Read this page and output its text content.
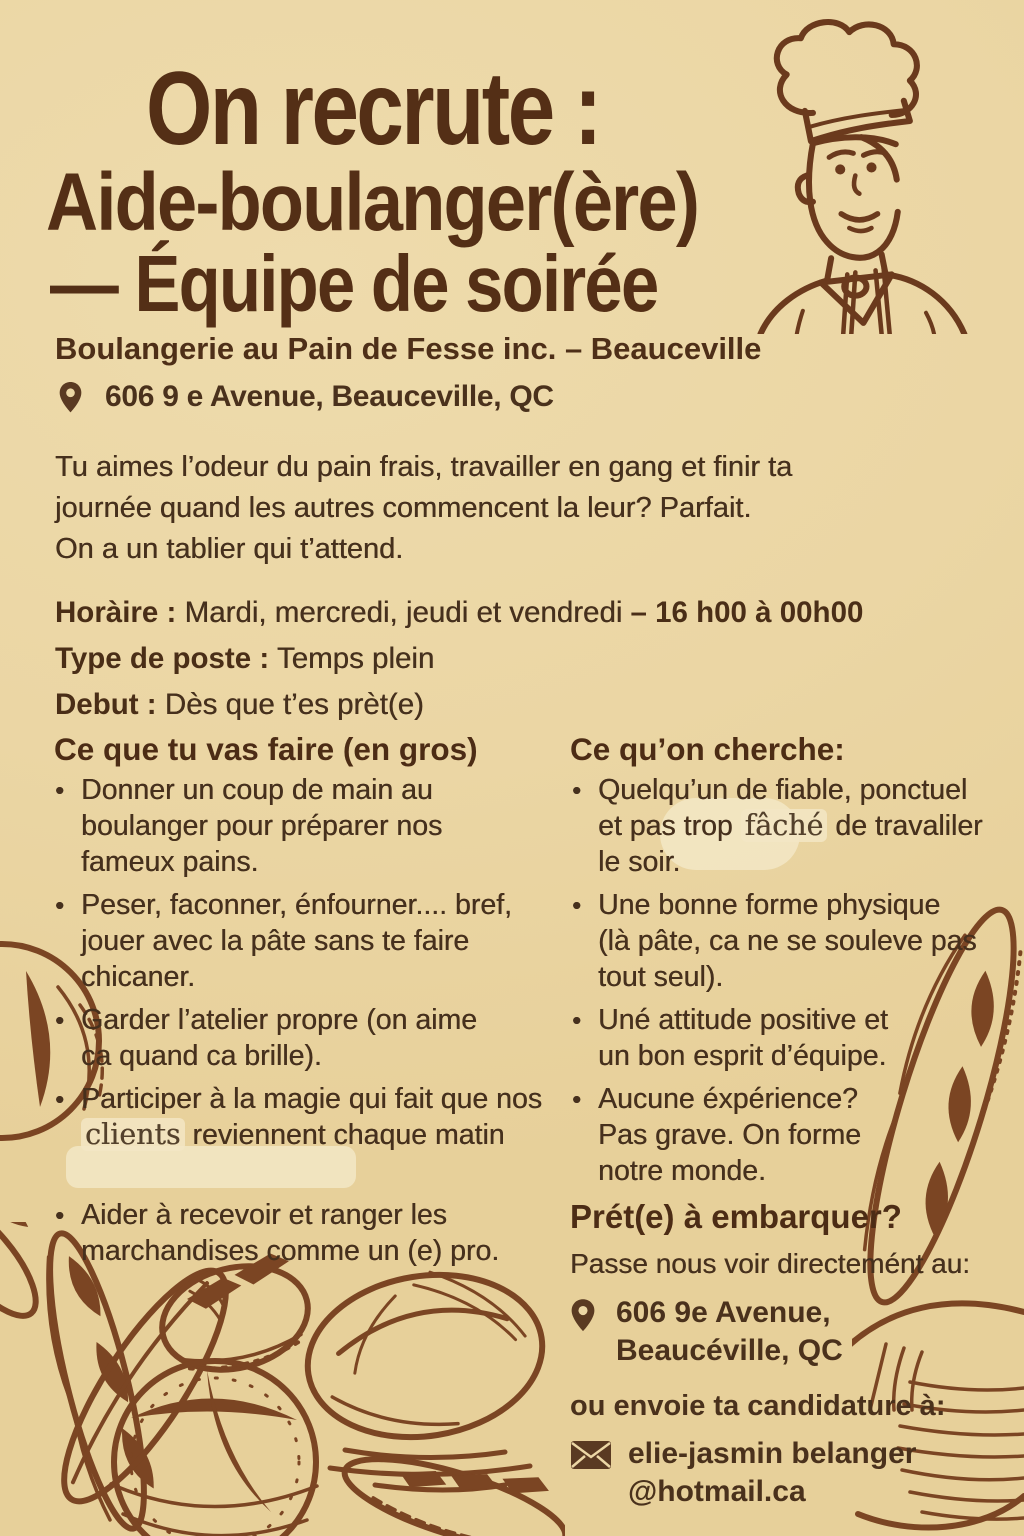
On recrute :
Aide-boulanger(ère)
— Équipe de soirée
Boulangerie au Pain de Fesse inc. – Beauceville
606 9 e Avenue, Beauceville, QC
Tu aimes l’odeur du pain frais, travailler en gang et finir ta
journée quand les autres commencent la leur? Parfait.
On a un tablier qui t’attend.
Horàire : Mardi, mercredi, jeudi et vendredi – 16 h00 à 00h00
Type de poste : Temps plein
Debut : Dès que t’es prèt(e)
Ce que tu vas faire (en gros)	Ce qu’on cherche:
•
Donner un coup de main au
boulanger pour préparer nos
fameux pains.
•
Peser, faconner, énfourner.... bref,
jouer avec la pâte sans te faire
chicaner.
•
Garder l’atelier propre (on aime
ca quand ca brille).
•
Participer à la magie qui fait que nos
clients reviennent chaque matin
•
Aider à recevoir et ranger les
marchandises comme un (e) pro.
•
Quelqu’un de fiable, ponctuel
et pas trop fâché de travaliler
le soir.
•
Une bonne forme physique
(là pâte, ca ne se souleve pas
tout seul).
•
Uné attitude positive et
un bon esprit d’équipe.
•
Aucune éxpérience?
Pas grave. On forme
notre monde.
Prét(e) à embarquer?
Passe nous voir directemént au:
606 9e Avenue,
Beaucéville, QC
ou envoie ta candidature à:
elie-jasmin belanger
@hotmail.ca
